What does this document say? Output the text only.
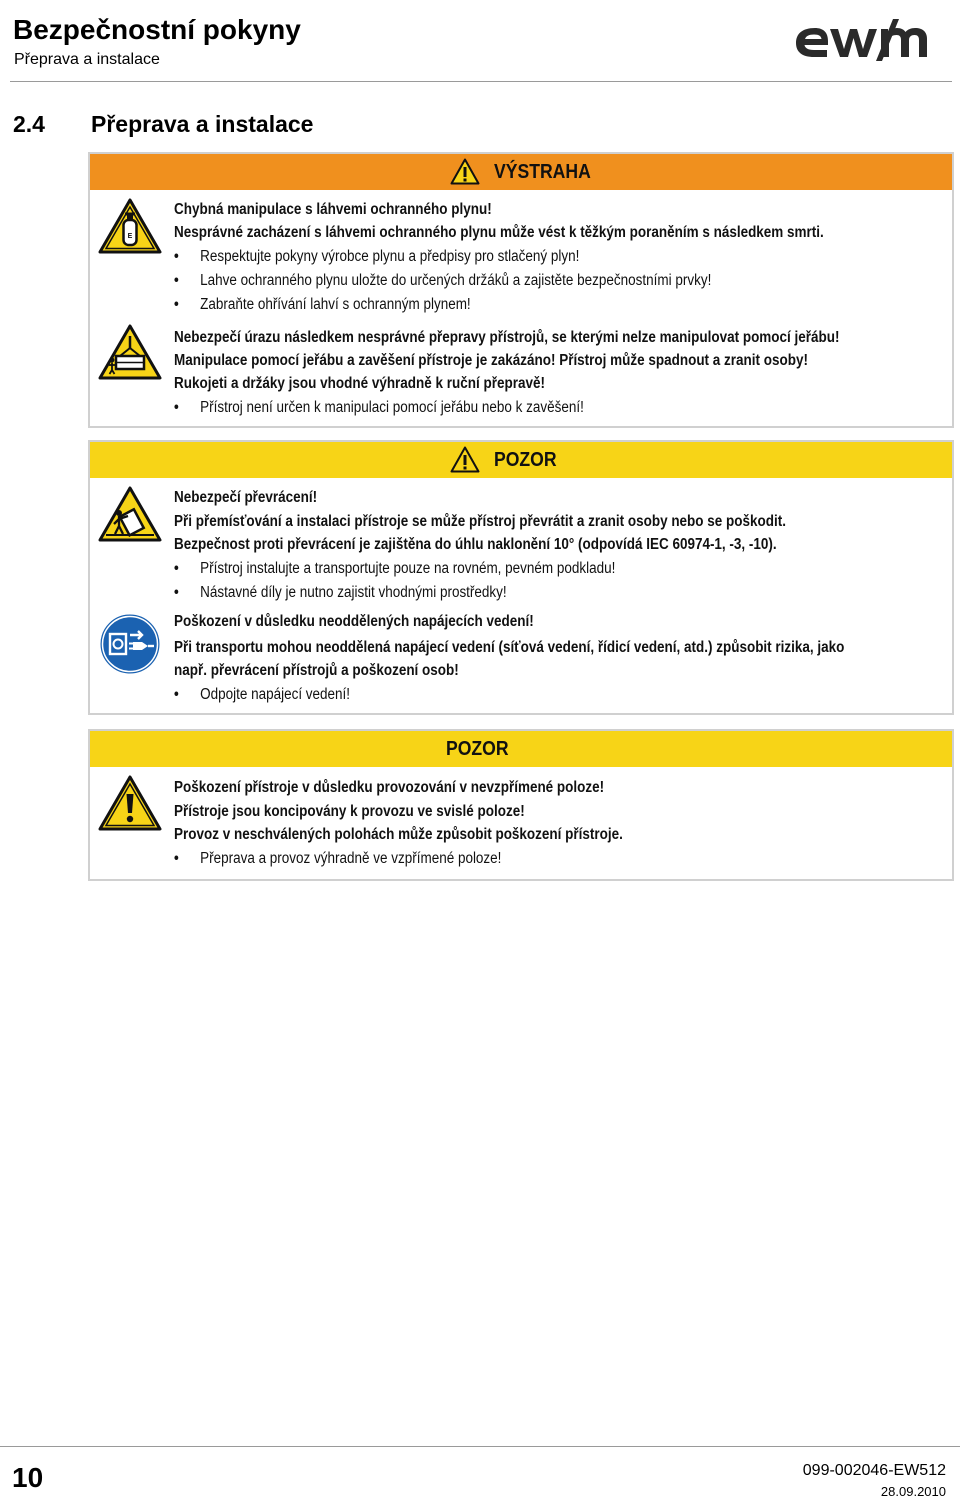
Bezpečnostní pokyny
Přeprava a instalace
2.4 Přeprava a instalace
VÝSTRAHA
E
Chybná manipulace s láhvemi ochranného plynu!
Nesprávné zacházení s láhvemi ochranného plynu může vést k těžkým poraněním s následkem smrti.
• Respektujte pokyny výrobce plynu a předpisy pro stlačený plyn!
• Lahve ochranného plynu uložte do určených držáků a zajistěte bezpečnostními prvky!
• Zabraňte ohřívání lahví s ochranným plynem!
Nebezpečí úrazu následkem nesprávné přepravy přístrojů, se kterými nelze manipulovat pomocí jeřábu!
Manipulace pomocí jeřábu a zavěšení přístroje je zakázáno! Přístroj může spadnout a zranit osoby!
Rukojeti a držáky jsou vhodné výhradně k ruční přepravě!
• Přístroj není určen k manipulaci pomocí jeřábu nebo k zavěšení!
POZOR
Nebezpečí převrácení!
Při přemísťování a instalaci přístroje se může přístroj převrátit a zranit osoby nebo se poškodit.
Bezpečnost proti převrácení je zajištěna do úhlu naklonění 10° (odpovídá IEC 60974-1, -3, -10).
• Přístroj instalujte a transportujte pouze na rovném, pevném podkladu!
• Nástavné díly je nutno zajistit vhodnými prostředky!
Poškození v důsledku neoddělených napájecích vedení!
Při transportu mohou neoddělená napájecí vedení (síťová vedení, řídicí vedení, atd.) způsobit rizika, jako
např. převrácení přístrojů a poškození osob!
• Odpojte napájecí vedení!
POZOR
Poškození přístroje v důsledku provozování v nevzpřímené poloze!
Přístroje jsou koncipovány k provozu ve svislé poloze!
Provoz v neschválených polohách může způsobit poškození přístroje.
• Přeprava a provoz výhradně ve vzpřímené poloze!
10	099-002046-EW512
28.09.2010
